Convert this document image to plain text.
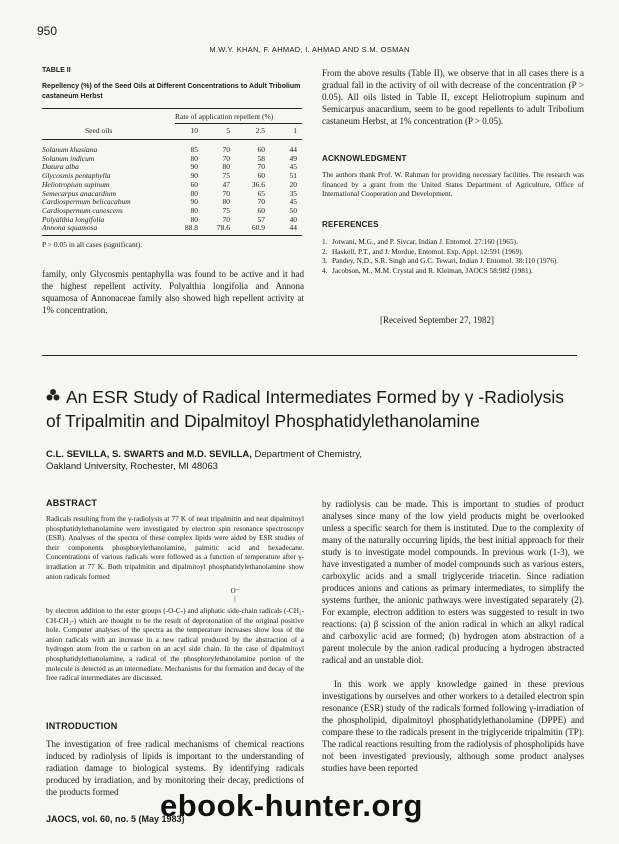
950
M.W.Y. KHAN, F. AHMAD, I. AHMAD AND S.M. OSMAN
TABLE II
Repellency (%) of the Seed Oils at Different Concentrations to Adult Tribolium castaneum Herbst
Rate of application repellent (%)
Seed oils	10	5	2.5	1
Solanum khasiana	85	70	60	44
Solanum indicum	80	70	58	49
Datura alba	90	80	70	45
Glycosmis pentaphylla	90	75	60	51
Heliotropium supinum	60	47	36.6	20
Semecarpus anacardium	80	70	65	35
Cardiospermum belicacabum	90	80	70	45
Cardiospermum canescens	80	75	60	50
Polyalthia longifolia	80	70	57	40
Annona squamosa	88.8	78.6	60.9	44
P > 0.05 in all cases (significant).
family, only Glycosmis pentaphylla was found to be active and it had the highest repellent activity. Polyalthia longifolia and Annona squamosa of Annonaceae family also showed high repellent activity at 1% concentration.
From the above results (Table II), we observe that in all cases there is a gradual fall in the activity of oil with decrease of the concentration (P > 0.05). All oils listed in Table II, except Heliotropium supinum and Semicarpus anacardium, seem to be good repellents to adult Tribolium castaneum Herbst, at 1% concentration (P > 0.05).
ACKNOWLEDGMENT
The authors thank Prof. W. Rahman for providing necessary facilities. The research was financed by a grant from the United States Department of Agriculture, Office of International Cooperation and Development.
REFERENCES
1. Jotwani, M.G., and P. Sivcar, Indian J. Entomol. 27:160 (1965).
2. Haskell, P.T., and J. Mordue, Entomol. Exp. Appl. 12:591 (1969).
3. Pandey, N.D., S.R. Singh and G.C. Tewari, Indian J. Entomol. 38:110 (1976).
4. Jacobson, M., M.M. Crystal and R. Kleiman, JAOCS 58:982 (1981).
[Received September 27, 1982]
An ESR Study of Radical Intermediates Formed by γ -Radiolysis
of Tripalmitin and Dipalmitoyl Phosphatidylethanolamine
C.L. SEVILLA, S. SWARTS and M.D. SEVILLA, Department of Chemistry,
Oakland University, Rochester, MI 48063
ABSTRACT
Radicals resulting from the γ-radiolysis at 77 K of neat tripalmitin and neat dipalmitoyl phosphatidylethanolamine were investigated by electron spin resonance spectroscopy (ESR). Analyses of the spectra of these complex lipids were aided by ESR studies of their components phosphorylethanolamine, palmitic acid and hexadecane. Concentrations of various radicals were followed as a function of temperature after γ-irradiation at 77 K. Both tripalmitin and dipalmitoyl phosphatidylethanolamine show anion radicals formed
O⁻
|
by electron addition to the ester groups (-O-C-) and aliphatic side-chain radicals (-CH₂-CH-CH₂-) which are thought to be the result of deprotonation of the original positive hole. Computer analyses of the spectra as the temperature increases show loss of the anion radicals with an increase in a new radical produced by the abstraction of a hydrogen atom from the α carbon on an acyl side chain. In the case of dipalmitoyl phosphatidylethanolamine, a radical of the phosphorylethanolamine portion of the molecule is detected as an intermediate. Mechanisms for the formation and decay of the free radical intermediates are discussed.
INTRODUCTION
The investigation of free radical mechanisms of chemical reactions induced by radiolysis of lipids is important to the understanding of radiation damage to biological systems. By identifying radicals produced by irradiation, and by monitoring their decay, predictions of the products formed
by radiolysis can be made. This is important to studies of product analyses since many of the low yield products might be overlooked unless a specific search for them is instituted. Due to the complexity of many of the naturally occurring lipids, the best initial approach for their study is to investigate model compounds. In previous work (1-3), we have investigated a number of model compounds such as various esters, carboxylic acids and a small triglyceride triacetin. Since radiation produces anions and cations as primary intermediates, to simplify the systems further, the anionic pathways were investigated separately (2). For example, electron addition to esters was suggested to result in two reactions: (a) β scission of the anion radical in which an alkyl radical and carboxylic acid are formed; (b) hydrogen atom abstraction of a parent molecule by the anion radical producing a hydrogen abstracted radical and an unstable diol.
In this work we apply knowledge gained in these previous investigations by ourselves and other workers to a detailed electron spin resonance (ESR) study of the radicals formed following γ-irradiation of the phospholipid, dipalmitoyl phosphatidylethanolamine (DPPE) and compare these to the radicals present in the triglyceride tripalmitin (TP). The radical reactions resulting from the radiolysis of phospholipids have not been investigated previously, although some product analyses studies have been reported
JAOCS, vol. 60, no. 5 (May 1983)
ebook-hunter.org
